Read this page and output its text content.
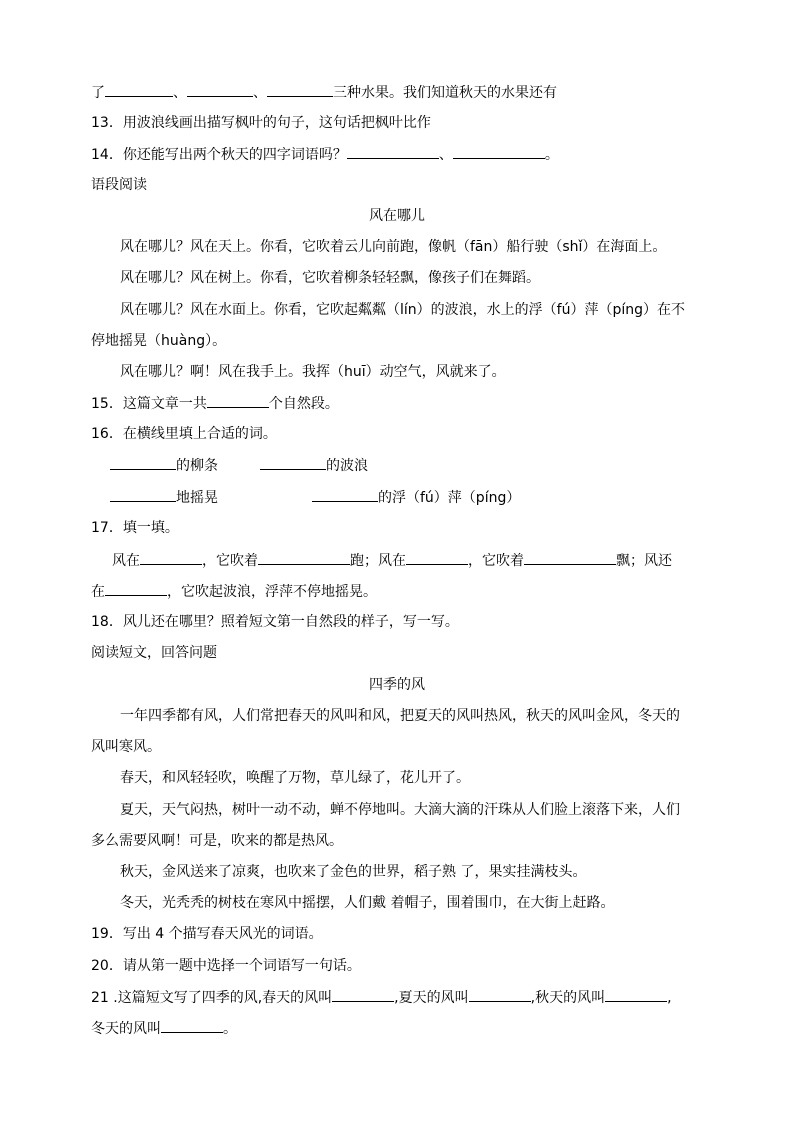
了	、	、	三种水果。我们知道秋天的水果还有
13．用波浪线画出描写枫叶的句子，这句话把枫叶比作
14．你还能写出两个秋天的四字词语吗？	、	。
语段阅读
风在哪儿
风在哪儿？风在天上。你看，它吹着云儿向前跑，像帆（fān）船行驶（shǐ）在海面上。
风在哪儿？风在树上。你看，它吹着柳条轻轻飘，像孩子们在舞蹈。
风在哪儿？风在水面上。你看，它吹起粼粼（lín）的波浪，水上的浮（fú）萍（píng）在不
停地摇晃（huàng）。
风在哪儿？啊！风在我手上。我挥（huī）动空气，风就来了。
15．这篇文章一共	个自然段。
16．在横线里填上合适的词。
的柳条	的波浪
地摇晃	的浮（fú）萍（píng）
17．填一填。
风在	，它吹着	跑；风在	，它吹着	飘；风还
在	，它吹起波浪，浮萍不停地摇晃。
18．风儿还在哪里？照着短文第一自然段的样子，写一写。
阅读短文，回答问题
四季的风
一年四季都有风，人们常把春天的风叫和风，把夏天的风叫热风，秋天的风叫金风，冬天的
风叫寒风。
春天，和风轻轻吹，唤醒了万物，草儿绿了，花儿开了。
夏天，天气闷热，树叶一动不动，蝉不停地叫。大滴大滴的汗珠从人们脸上滚落下来，人们
多么需要风啊！可是，吹来的都是热风。
秋天，金风送来了凉爽，也吹来了金色的世界，稻子熟 了，果实挂满枝头。
冬天，光秃秃的树枝在寒风中摇摆，人们戴 着帽子，围着围巾，在大街上赶路。
19．写出 4 个描写春天风光的词语。
20．请从第一题中选择一个词语写一句话。
21 .这篇短文写了四季的风,春天的风叫	,夏天的风叫	,秋天的风叫	,
冬天的风叫	。
